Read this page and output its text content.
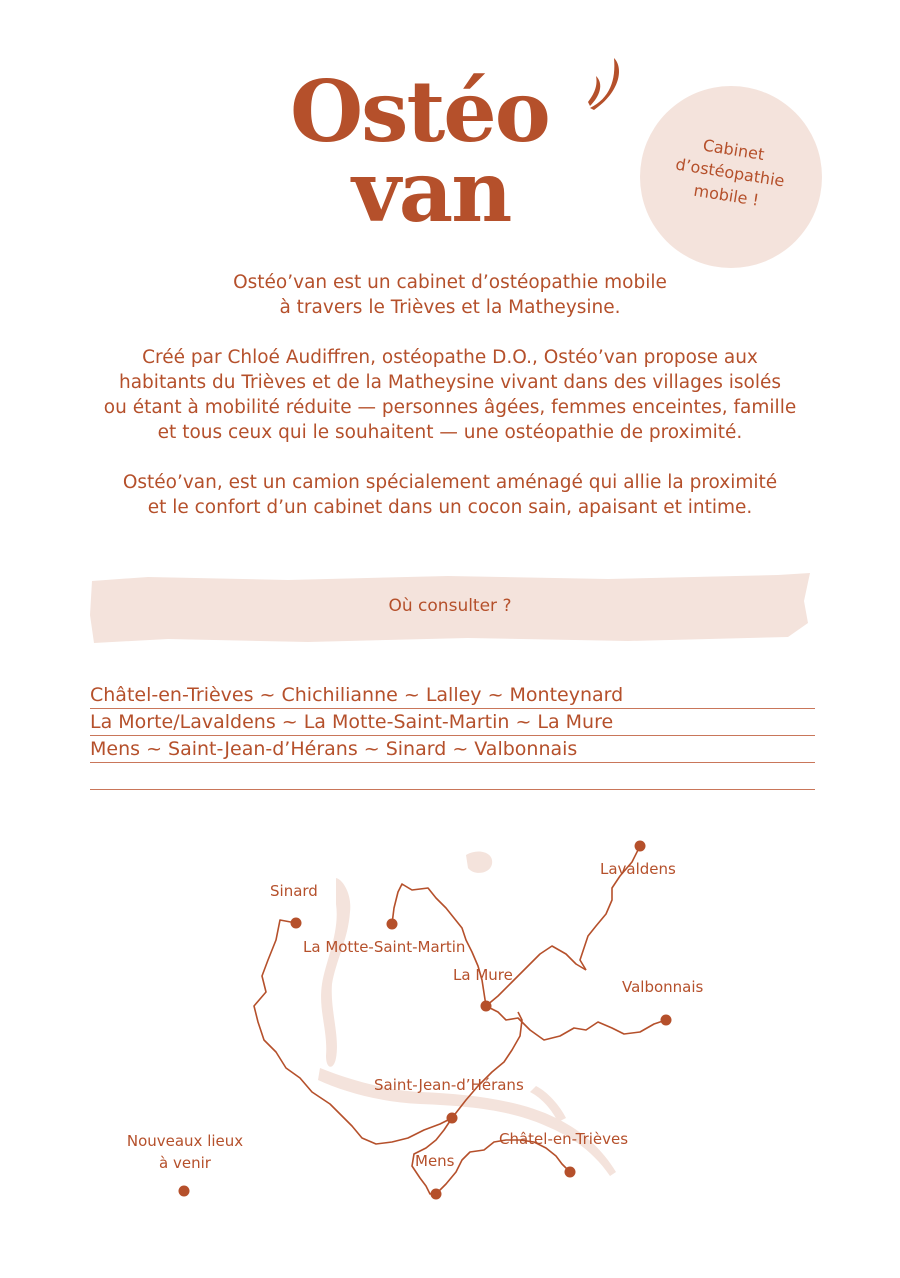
Ostéo
van	Cabinet
d’ostéopathie
mobile !

Ostéo’van est un cabinet d’ostéopathie mobile
à travers le Trièves et la Matheysine.

Créé par Chloé Audiffren, ostéopathe D.O., Ostéo’van propose aux
habitants du Trièves et de la Matheysine vivant dans des villages isolés
ou étant à mobilité réduite — personnes âgées, femmes enceintes, famille
et tous ceux qui le souhaitent — une ostéopathie de proximité.

Ostéo’van, est un camion spécialement aménagé qui allie la proximité
et le confort d’un cabinet dans un cocon sain, apaisant et intime.

Où consulter ?
Châtel-en-Trièves ~ Chichilianne ~ Lalley ~ Monteynard
La Morte/Lavaldens ~ La Motte-Saint-Martin ~ La Mure
Mens ~ Saint-Jean-d’Hérans ~ Sinard ~ Valbonnais
Sinard
La Motte-Saint-Martin
Lavaldens
La Mure
Valbonnais
Saint-Jean-d’Hérans
Châtel-en-Trièves
Mens
Nouveaux lieux
à venir
